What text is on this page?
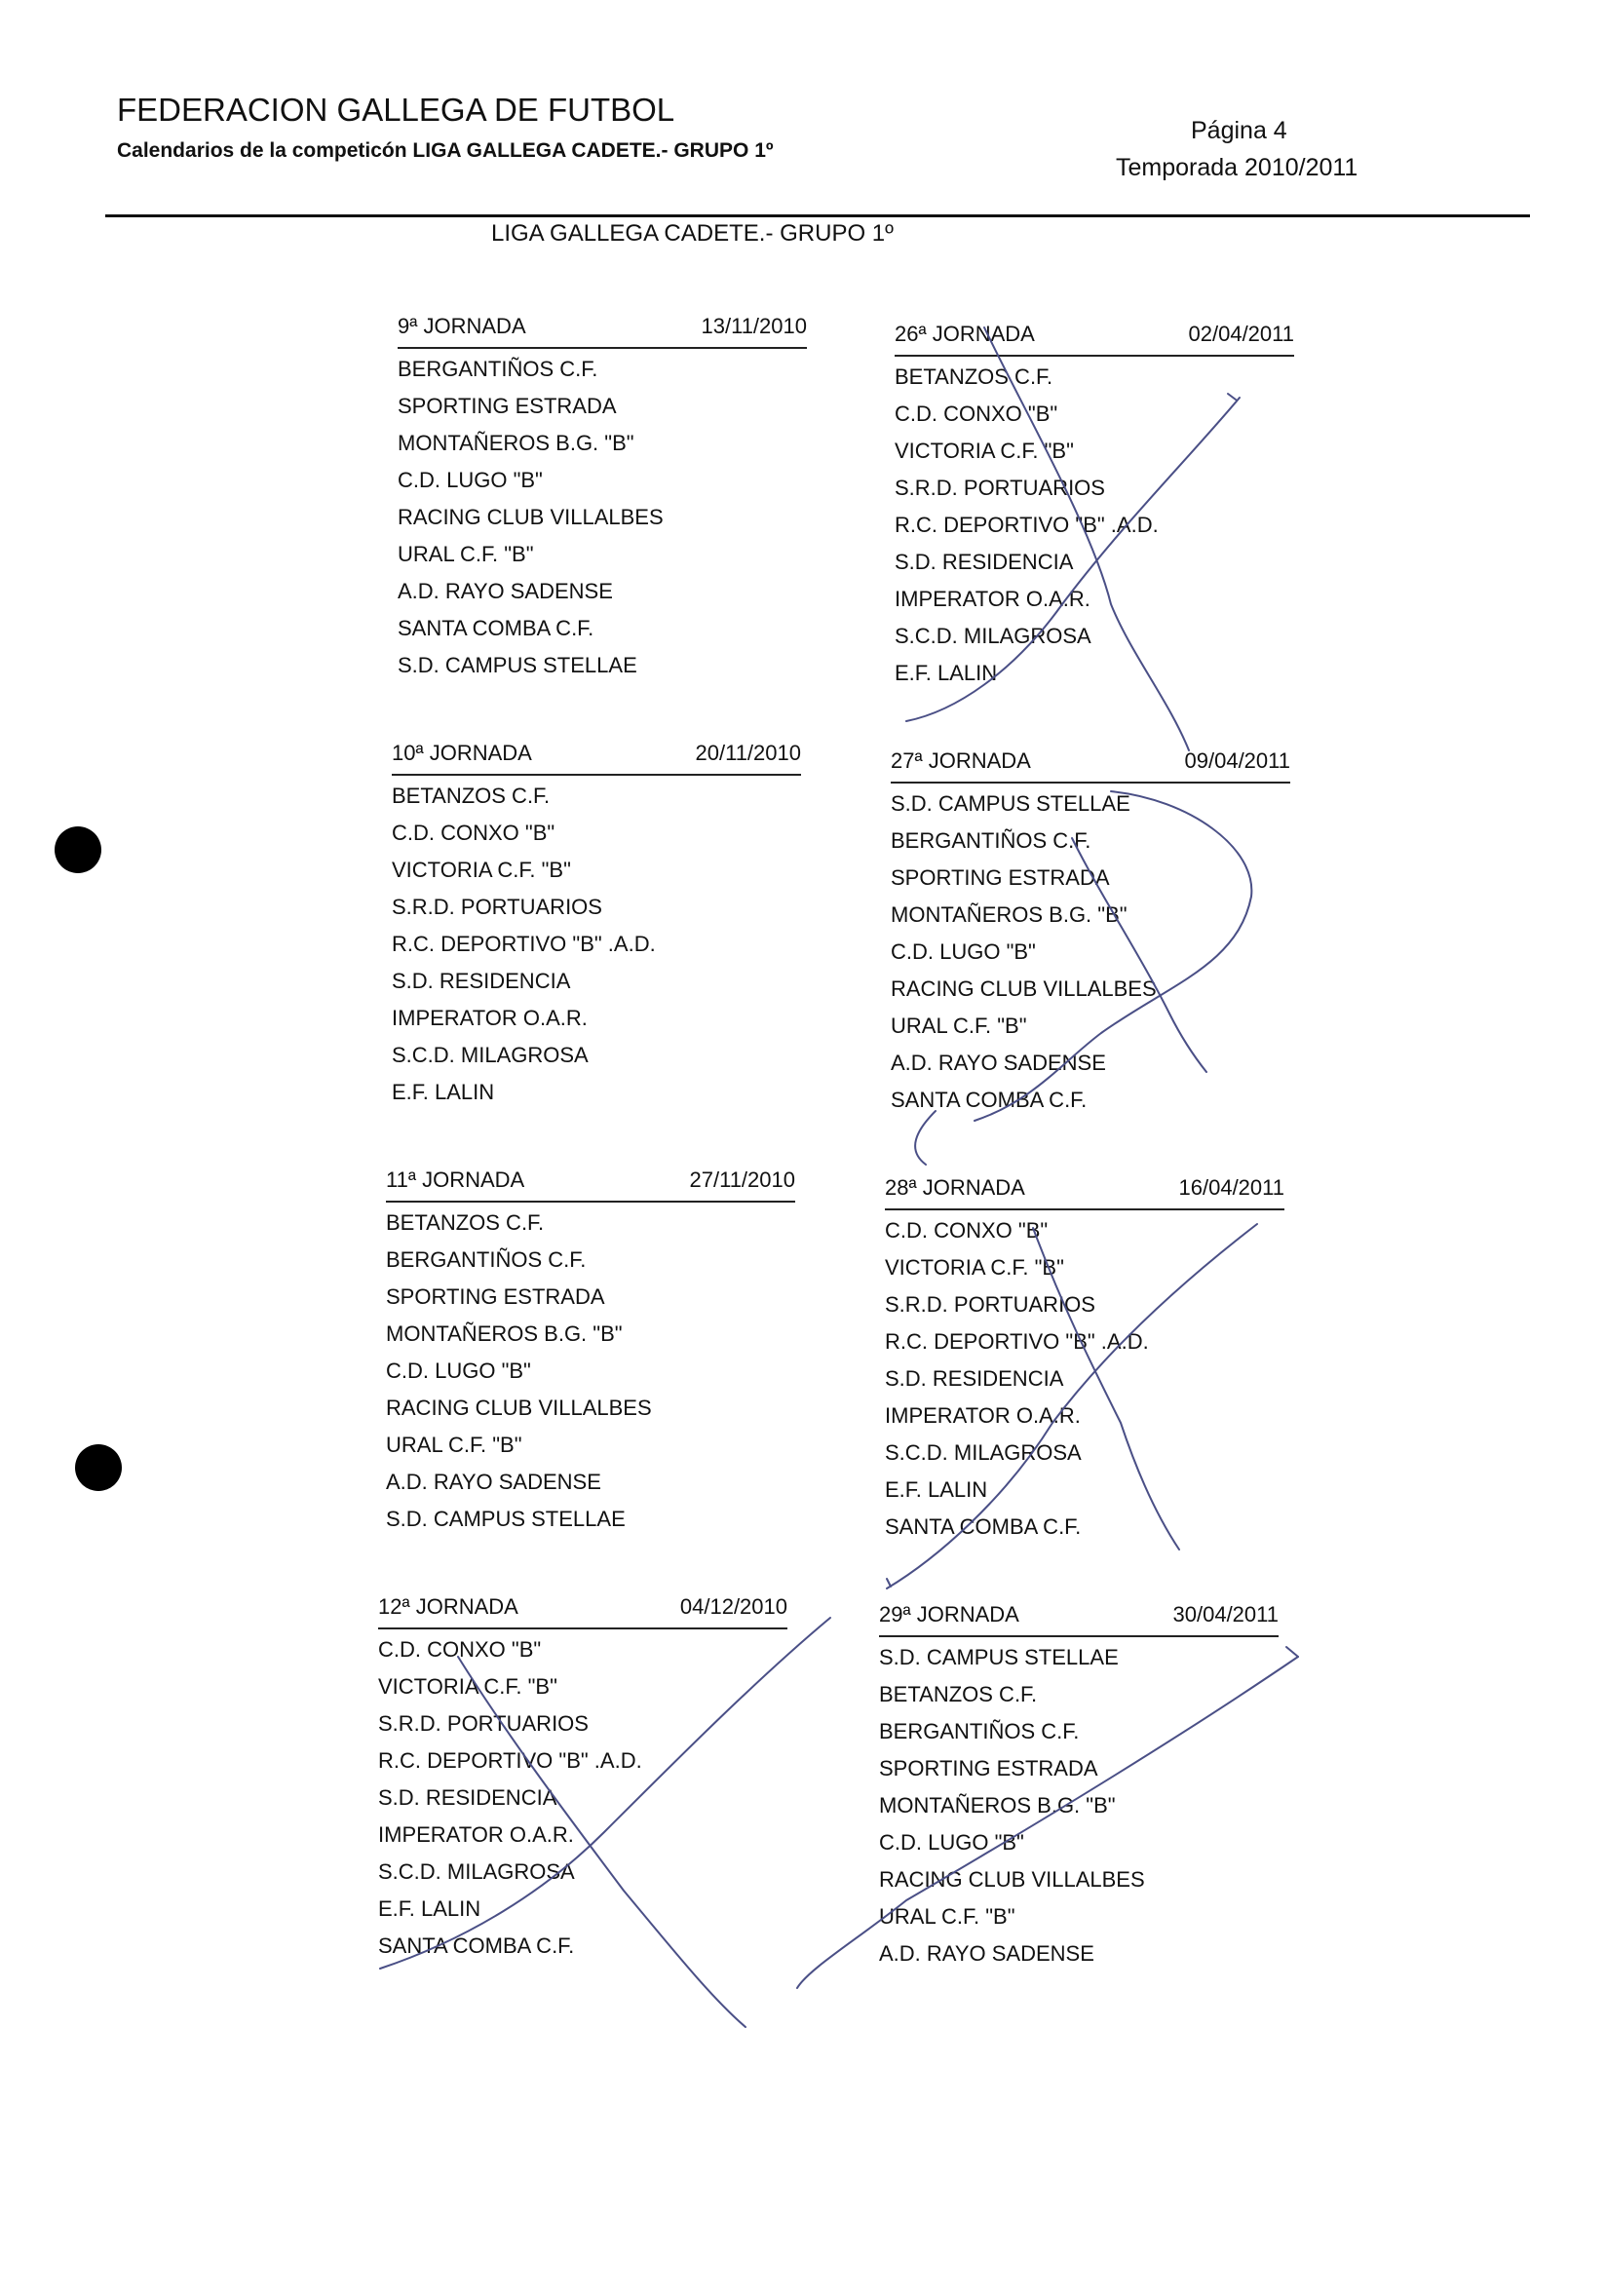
FEDERACION GALLEGA DE FUTBOL
Calendarios de la competicón LIGA GALLEGA CADETE.- GRUPO 1º
Página 4
Temporada 2010/2011
LIGA GALLEGA CADETE.- GRUPO 1º
9ª JORNADA	13/11/2010
BERGANTIÑOS C.F.
SPORTING ESTRADA
MONTAÑEROS B.G. "B"
C.D. LUGO "B"
RACING CLUB VILLALBES
URAL C.F. "B"
A.D. RAYO SADENSE
SANTA COMBA C.F.
S.D. CAMPUS STELLAE
10ª JORNADA	20/11/2010
BETANZOS C.F.
C.D. CONXO "B"
VICTORIA C.F. "B"
S.R.D. PORTUARIOS
R.C. DEPORTIVO "B" .A.D.
S.D. RESIDENCIA
IMPERATOR O.A.R.
S.C.D. MILAGROSA
E.F. LALIN
11ª JORNADA	27/11/2010
BETANZOS C.F.
BERGANTIÑOS C.F.
SPORTING ESTRADA
MONTAÑEROS B.G. "B"
C.D. LUGO "B"
RACING CLUB VILLALBES
URAL C.F. "B"
A.D. RAYO SADENSE
S.D. CAMPUS STELLAE
12ª JORNADA	04/12/2010
C.D. CONXO "B"
VICTORIA C.F. "B"
S.R.D. PORTUARIOS
R.C. DEPORTIVO "B" .A.D.
S.D. RESIDENCIA
IMPERATOR O.A.R.
S.C.D. MILAGROSA
E.F. LALIN
SANTA COMBA C.F.
26ª JORNADA	02/04/2011
BETANZOS C.F.
C.D. CONXO "B"
VICTORIA C.F. "B"
S.R.D. PORTUARIOS
R.C. DEPORTIVO "B" .A.D.
S.D. RESIDENCIA
IMPERATOR O.A.R.
S.C.D. MILAGROSA
E.F. LALIN
27ª JORNADA	09/04/2011
S.D. CAMPUS STELLAE
BERGANTIÑOS C.F.
SPORTING ESTRADA
MONTAÑEROS B.G. "B"
C.D. LUGO "B"
RACING CLUB VILLALBES
URAL C.F. "B"
A.D. RAYO SADENSE
SANTA COMBA C.F.
28ª JORNADA	16/04/2011
C.D. CONXO "B"
VICTORIA C.F. "B"
S.R.D. PORTUARIOS
R.C. DEPORTIVO "B" .A.D.
S.D. RESIDENCIA
IMPERATOR O.A.R.
S.C.D. MILAGROSA
E.F. LALIN
SANTA COMBA C.F.
29ª JORNADA	30/04/2011
S.D. CAMPUS STELLAE
BETANZOS C.F.
BERGANTIÑOS C.F.
SPORTING ESTRADA
MONTAÑEROS B.G. "B"
C.D. LUGO "B"
RACING CLUB VILLALBES
URAL C.F. "B"
A.D. RAYO SADENSE
